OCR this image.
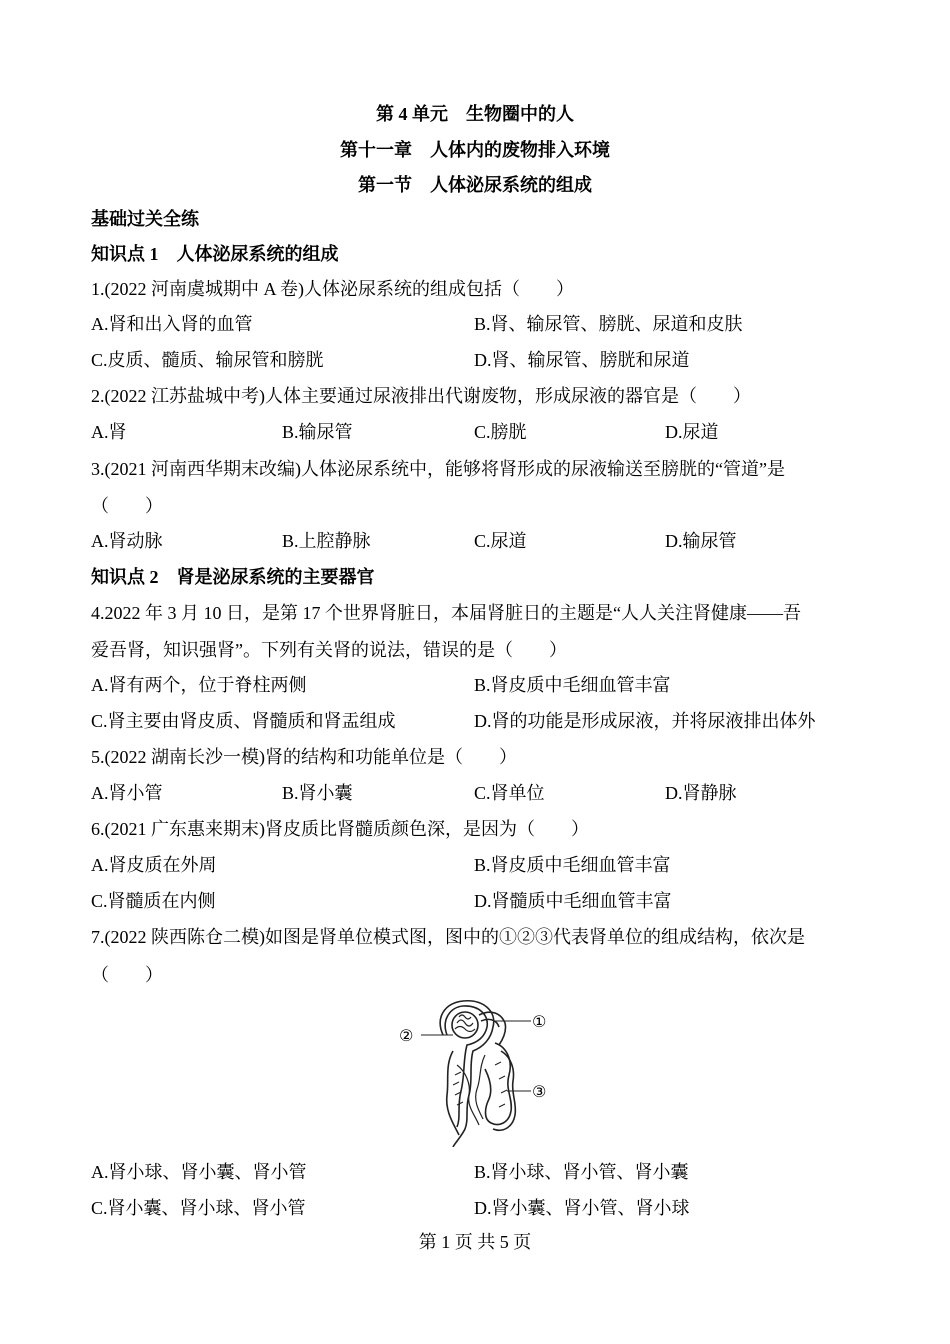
第 4 单元　生物圈中的人
第十一章　人体内的废物排入环境
第一节　人体泌尿系统的组成
基础过关全练
知识点 1　人体泌尿系统的组成
1.(2022 河南虞城期中 A 卷)人体泌尿系统的组成包括（　　）
A.肾和出入肾的血管	B.肾、输尿管、膀胱、尿道和皮肤
C.皮质、髓质、输尿管和膀胱	D.肾、输尿管、膀胱和尿道
2.(2022 江苏盐城中考)人体主要通过尿液排出代谢废物，形成尿液的器官是（　　）
A.肾	B.输尿管	C.膀胱	D.尿道
3.(2021 河南西华期末改编)人体泌尿系统中，能够将肾形成的尿液输送至膀胱的“管道”是
（　　）
A.肾动脉	B.上腔静脉	C.尿道	D.输尿管
知识点 2　肾是泌尿系统的主要器官
4.2022 年 3 月 10 日，是第 17 个世界肾脏日，本届肾脏日的主题是“人人关注肾健康——吾
爱吾肾，知识强肾”。下列有关肾的说法，错误的是（　　）
A.肾有两个，位于脊柱两侧	B.肾皮质中毛细血管丰富
C.肾主要由肾皮质、肾髓质和肾盂组成	D.肾的功能是形成尿液，并将尿液排出体外
5.(2022 湖南长沙一模)肾的结构和功能单位是（　　）
A.肾小管	B.肾小囊	C.肾单位	D.肾静脉
6.(2021 广东惠来期末)肾皮质比肾髓质颜色深，是因为（　　）
A.肾皮质在外周	B.肾皮质中毛细血管丰富
C.肾髓质在内侧	D.肾髓质中毛细血管丰富
7.(2022 陕西陈仓二模)如图是肾单位模式图，图中的①②③代表肾单位的组成结构，依次是
（　　）
①
②
③
A.肾小球、肾小囊、肾小管	B.肾小球、肾小管、肾小囊
C.肾小囊、肾小球、肾小管	D.肾小囊、肾小管、肾小球
第 1 页 共 5 页
